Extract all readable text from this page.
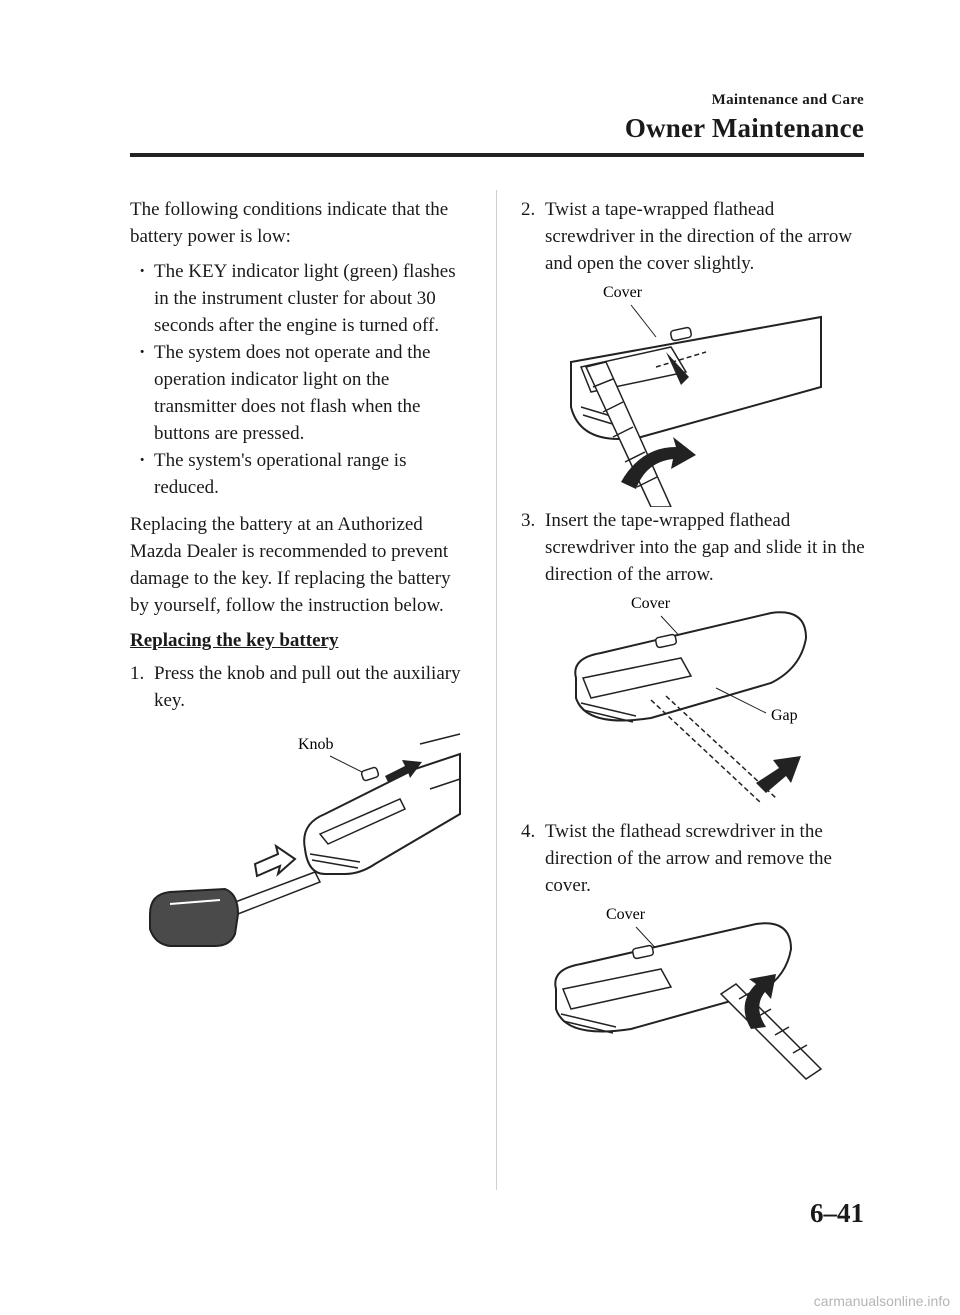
Maintenance and Care
Owner Maintenance

The following conditions indicate that the battery power is low:

· The KEY indicator light (green) flashes in the instrument cluster for about 30 seconds after the engine is turned off.
· The system does not operate and the operation indicator light on the transmitter does not flash when the buttons are pressed.
· The system's operational range is reduced.

Replacing the battery at an Authorized Mazda Dealer is recommended to prevent damage to the key. If replacing the battery by yourself, follow the instruction below.

Replacing the key battery

1. Press the knob and pull out the auxiliary key.
Knob
2. Twist a tape-wrapped flathead screwdriver in the direction of the arrow and open the cover slightly.
Cover
3. Insert the tape-wrapped flathead screwdriver into the gap and slide it in the direction of the arrow.
Cover
Gap
4. Twist the flathead screwdriver in the direction of the arrow and remove the cover.
Cover
6–41
carmanualsonline.info
